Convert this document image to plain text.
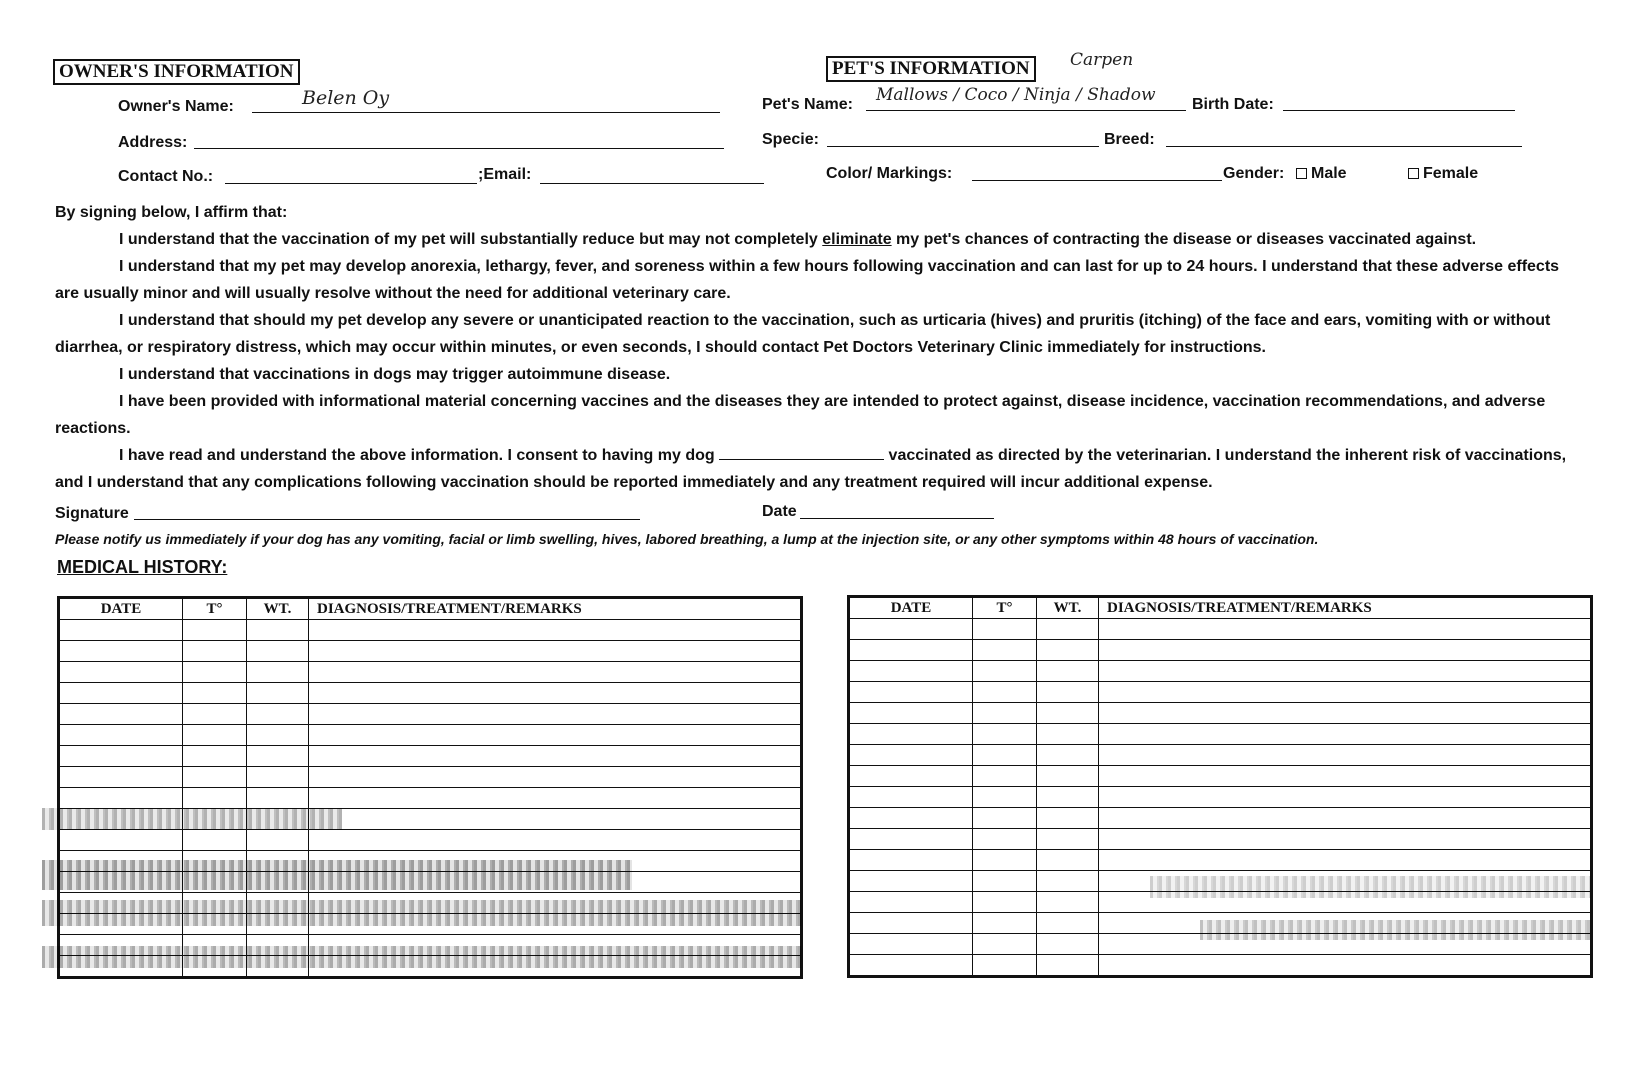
OWNER'S INFORMATION
Owner's Name:	Belen Oy
Address:
Contact No.:	;Email:
PET'S INFORMATION	Carpen
Pet's Name: Mallows / Coco / Ninja / Shadow Birth Date:
Specie:	Breed:
Color/ Markings:	Gender:	Male	Female

By signing below, I affirm that:

I understand that the vaccination of my pet will substantially reduce but may not completely eliminate my pet's chances of contracting the disease or diseases vaccinated against.

I understand that my pet may develop anorexia, lethargy, fever, and soreness within a few hours following vaccination and can last for up to 24 hours. I understand that these adverse effects are usually minor and will usually resolve without the need for additional veterinary care.

I understand that should my pet develop any severe or unanticipated reaction to the vaccination, such as urticaria (hives) and pruritis (itching) of the face and ears, vomiting with or without diarrhea, or respiratory distress, which may occur within minutes, or even seconds, I should contact Pet Doctors Veterinary Clinic immediately for instructions.

I understand that vaccinations in dogs may trigger autoimmune disease.

I have been provided with informational material concerning vaccines and the diseases they are intended to protect against, disease incidence, vaccination recommendations, and adverse reactions.

I have read and understand the above information. I consent to having my dog	vaccinated as directed by the veterinarian. I understand the inherent risk of vaccinations, and I understand that any complications following vaccination should be reported immediately and any treatment required will incur additional expense.

Signature	Date
Please notify us immediately if your dog has any vomiting, facial or limb swelling, hives, labored breathing, a lump at the injection site, or any other symptoms within 48 hours of vaccination.
MEDICAL HISTORY:
DATE	T°	WT.	DIAGNOSIS/TREATMENT/REMARKS

				DATE	T°	WT.	DIAGNOSIS/TREATMENT/REMARKS
